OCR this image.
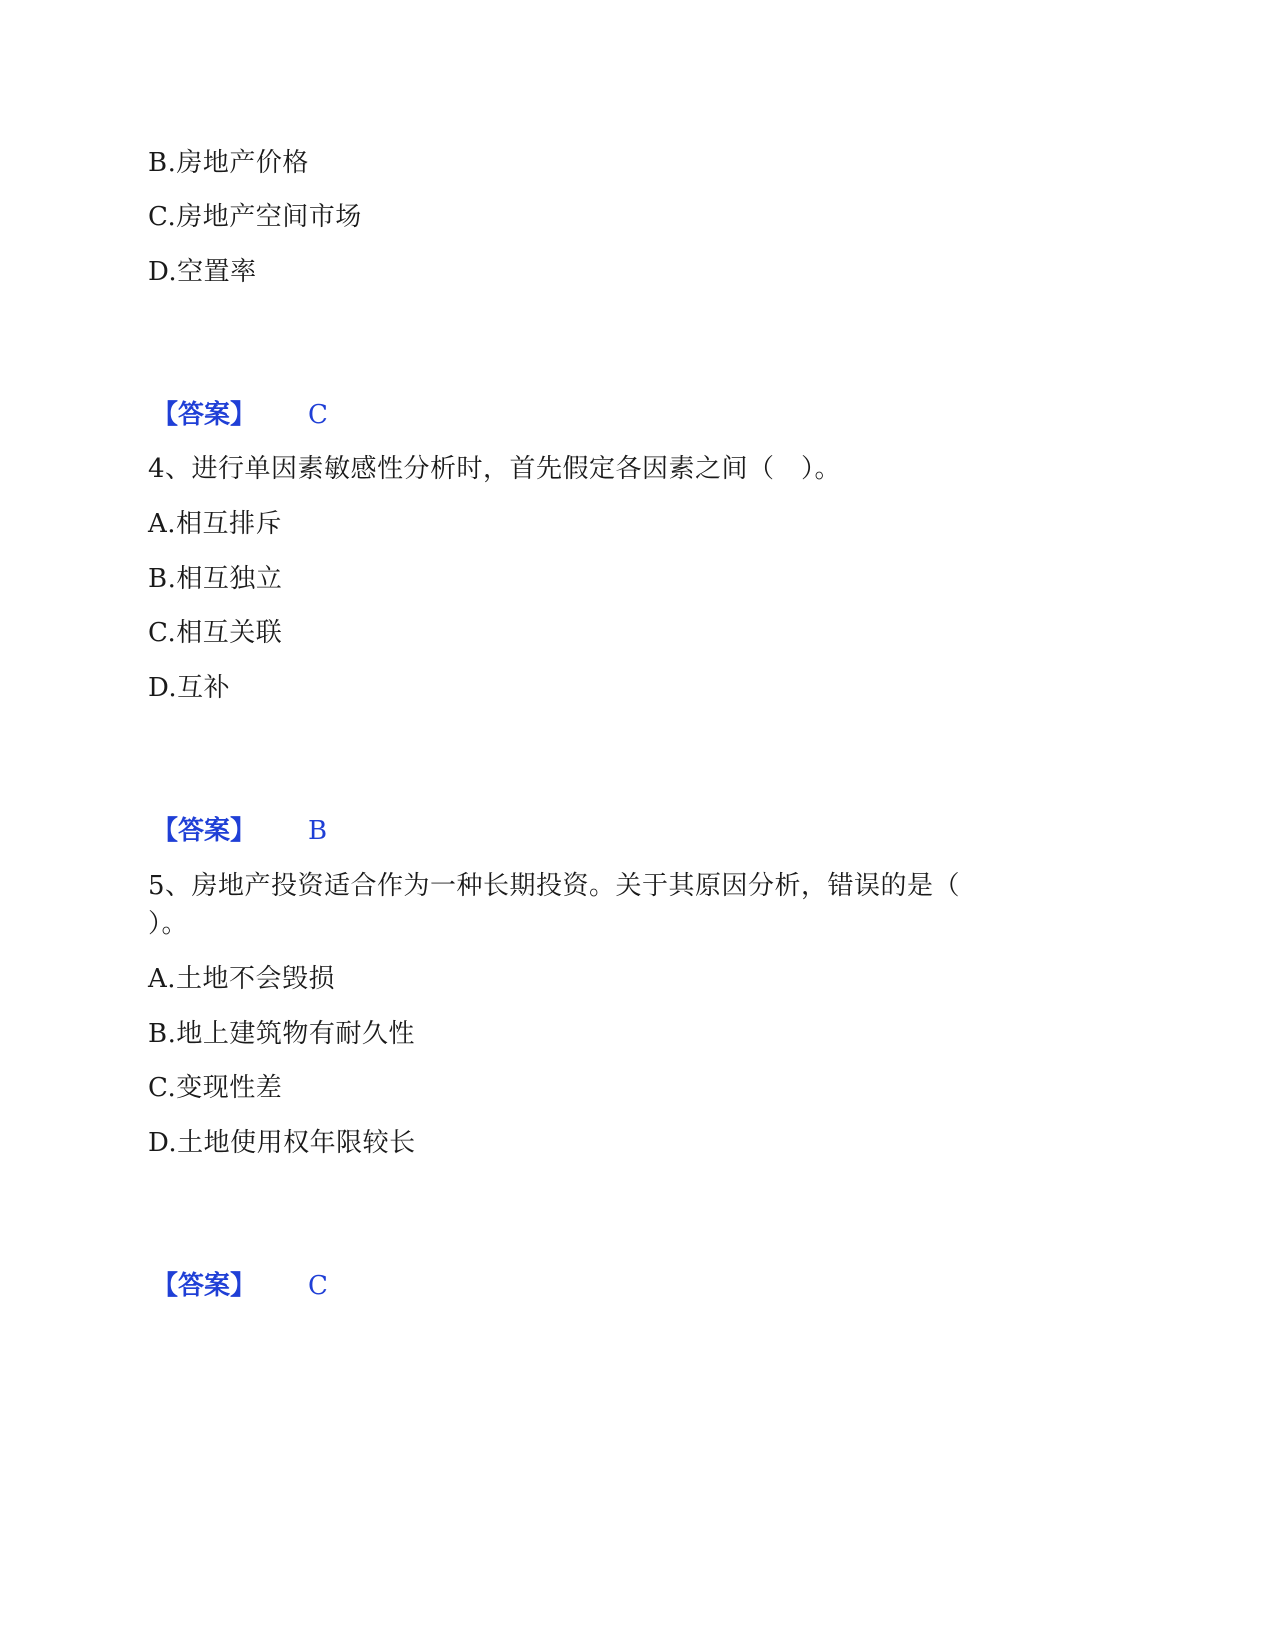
B.房地产价格
C.房地产空间市场
D.空置率
【答案】 C
4、进行单因素敏感性分析时，首先假定各因素之间（　）。
A.相互排斥
B.相互独立
C.相互关联
D.互补
【答案】 B
5、房地产投资适合作为一种长期投资。关于其原因分析，错误的是（
）。
A.土地不会毁损
B.地上建筑物有耐久性
C.变现性差
D.土地使用权年限较长
【答案】 C
